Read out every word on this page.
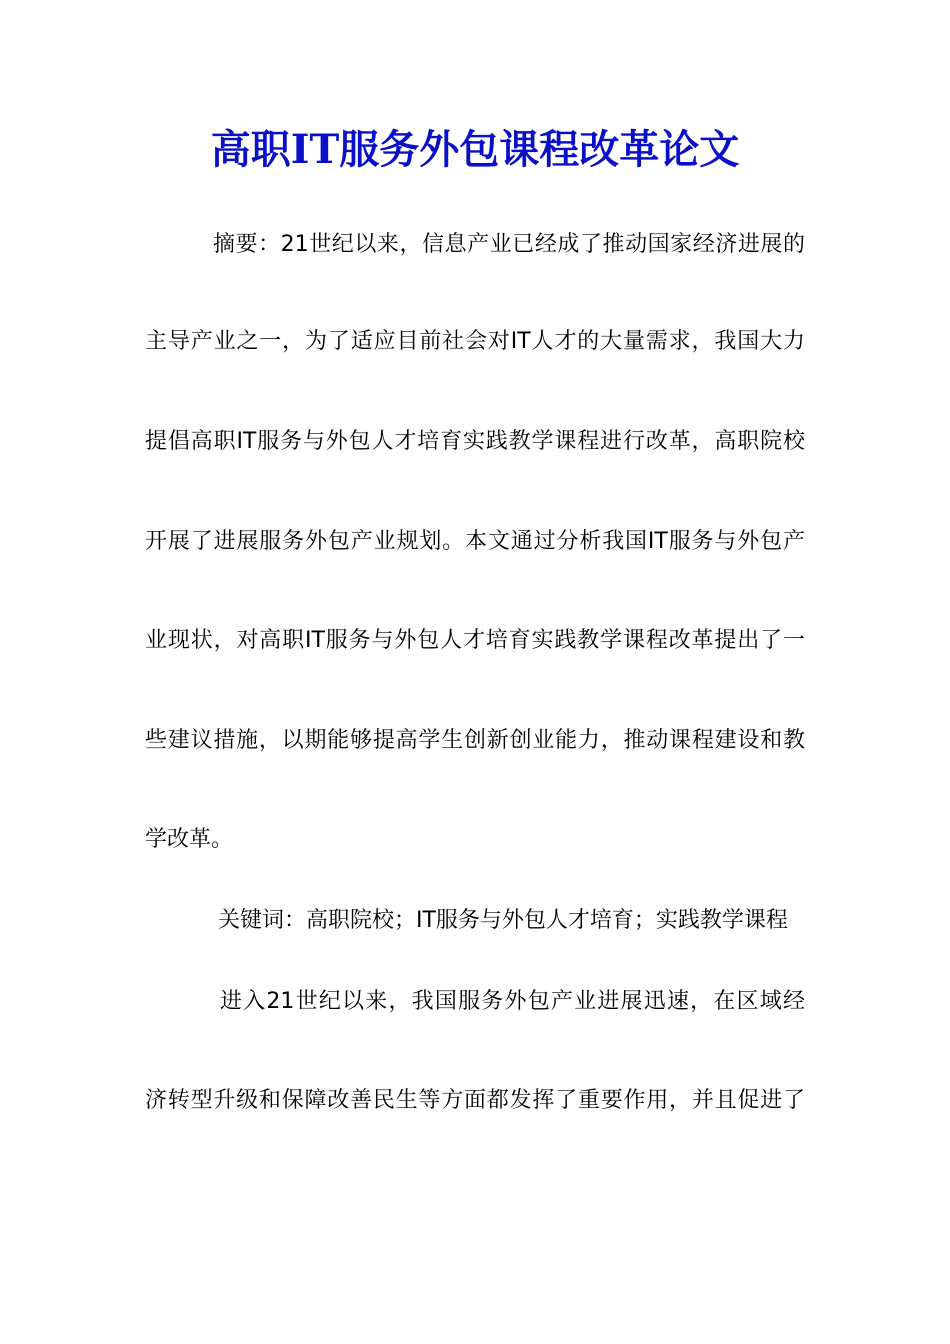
高职IT服务外包课程改革论文
摘要：21世纪以来，信息产业已经成了推动国家经济进展的
主导产业之一，为了适应目前社会对IT人才的大量需求，我国大力
提倡高职IT服务与外包人才培育实践教学课程进行改革，高职院校
开展了进展服务外包产业规划。本文通过分析我国IT服务与外包产
业现状，对高职IT服务与外包人才培育实践教学课程改革提出了一
些建议措施，以期能够提高学生创新创业能力，推动课程建设和教
学改革。
关键词：高职院校；IT服务与外包人才培育；实践教学课程
进入21世纪以来，我国服务外包产业进展迅速，在区域经
济转型升级和保障改善民生等方面都发挥了重要作用，并且促进了
